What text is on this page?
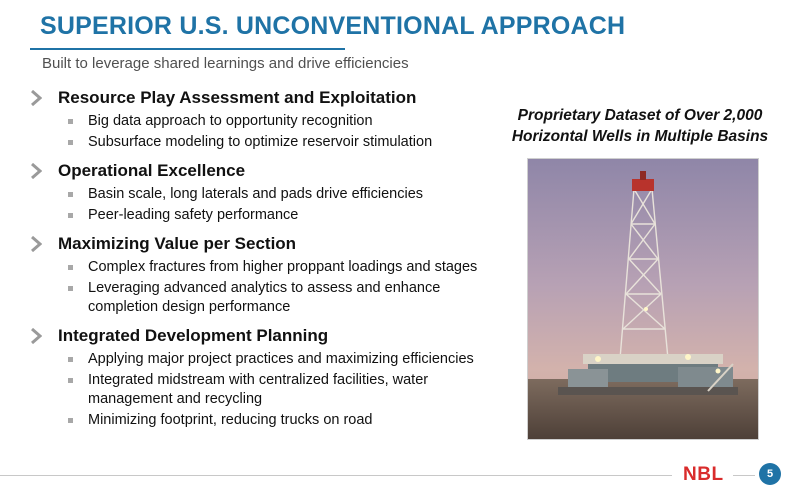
SUPERIOR U.S. UNCONVENTIONAL APPROACH
Built to leverage shared learnings and drive efficiencies
Resource Play Assessment and Exploitation
Big data approach to opportunity recognition
Subsurface modeling to optimize reservoir stimulation
Operational Excellence
Basin scale, long laterals and pads drive efficiencies
Peer-leading safety performance
Maximizing Value per Section
Complex fractures from higher proppant loadings and stages
Leveraging advanced analytics to assess and enhance completion design performance
Integrated Development Planning
Applying major project practices and maximizing efficiencies
Integrated midstream with centralized facilities, water management and recycling
Minimizing footprint, reducing trucks on road
Proprietary Dataset of Over 2,000 Horizontal Wells in Multiple Basins
NBL	5
